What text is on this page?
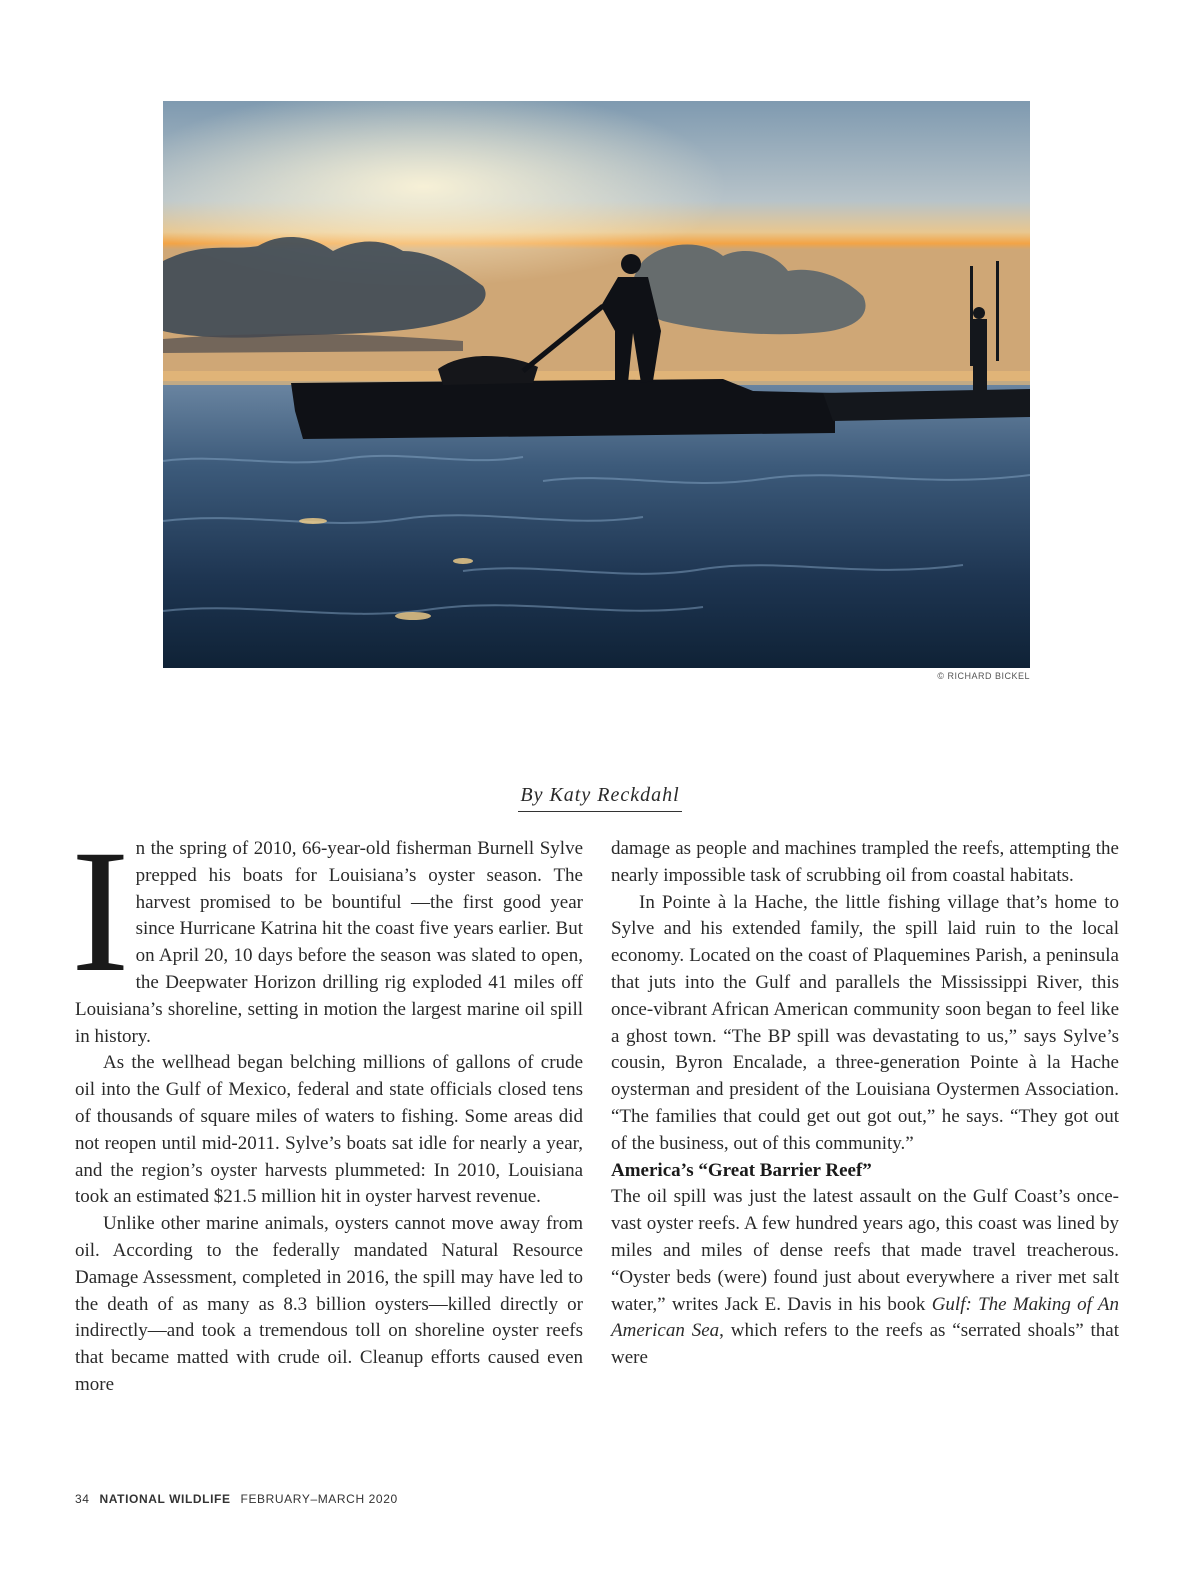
© RICHARD BICKEL
By Katy Reckdahl

In the spring of 2010, 66-year-old fisherman Burnell Sylve prepped his boats for Louisiana’s oyster season. The harvest promised to be bountiful —the first good year since Hurricane Katrina hit the coast five years earlier. But on April 20, 10 days before the season was slated to open, the Deepwater Horizon drilling rig exploded 41 miles off Louisiana’s shoreline, setting in motion the largest marine oil spill in history.

As the wellhead began belching millions of gallons of crude oil into the Gulf of Mexico, federal and state officials closed tens of thousands of square miles of waters to fishing. Some areas did not reopen until mid-2011. Sylve’s boats sat idle for nearly a year, and the region’s oyster harvests plummeted: In 2010, Louisiana took an estimated $21.5 million hit in oyster harvest revenue.

Unlike other marine animals, oysters cannot move away from oil. According to the federally mandated Natural Resource Damage Assessment, completed in 2016, the spill may have led to the death of as many as 8.3 billion oysters—killed directly or indirectly—and took a tremendous toll on shoreline oyster reefs that became matted with crude oil. Cleanup efforts caused even more

damage as people and machines trampled the reefs, attempting the nearly impossible task of scrubbing oil from coastal habitats.

In Pointe à la Hache, the little fishing village that’s home to Sylve and his extended family, the spill laid ruin to the local economy. Located on the coast of Plaquemines Parish, a peninsula that juts into the Gulf and parallels the Mississippi River, this once-vibrant African American community soon began to feel like a ghost town. “The BP spill was devastating to us,” says Sylve’s cousin, Byron Encalade, a three-generation Pointe à la Hache oysterman and president of the Louisiana Oystermen Association. “The families that could get out got out,” he says. “They got out of the business, out of this community.”

America’s “Great Barrier Reef”

The oil spill was just the latest assault on the Gulf Coast’s once-vast oyster reefs. A few hundred years ago, this coast was lined by miles and miles of dense reefs that made travel treacherous. “Oyster beds (were) found just about everywhere a river met salt water,” writes Jack E. Davis in his book Gulf: The Making of An American Sea, which refers to the reefs as “serrated shoals” that were

34 NATIONAL WILDLIFE FEBRUARY–MARCH 2020
